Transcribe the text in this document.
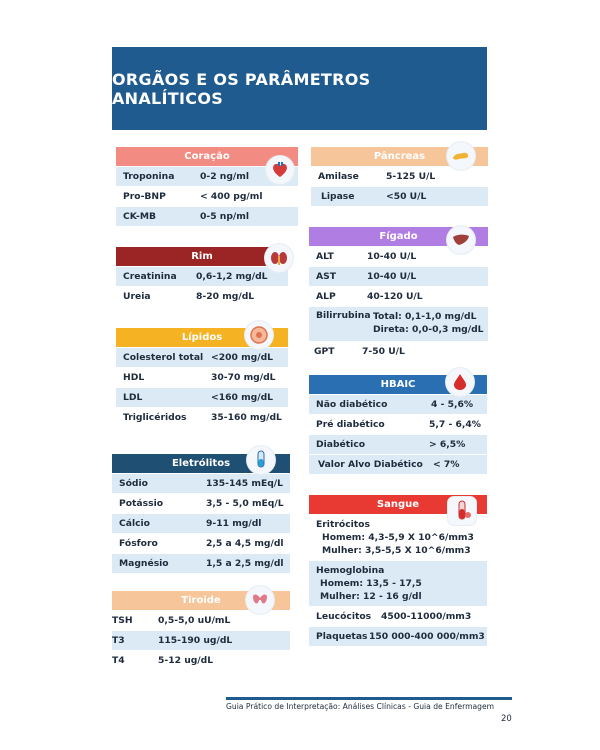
ORGÃOS E OS PARÂMETROS ANALÍTICOS
Coração
Troponina	0-2 ng/ml
Pro-BNP	< 400 pg/ml
CK-MB	0-5 np/ml
Rim
Creatinina	0,6-1,2 mg/dL
Ureia	8-20 mg/dL
Lípidos
Colesterol total <200 mg/dL
HDL	30-70 mg/dL
LDL	<160 mg/dL
Triglicéridos	35-160 mg/dL
Eletrólitos
Sódio	135-145 mEq/L
Potássio	3,5 - 5,0 mEq/L
Cálcio	9-11 mg/dl
Fósforo	2,5 a 4,5 mg/dl
Magnésio	1,5 a 2,5 mg/dl
Tiroide
TSH	0,5-5,0 uU/mL
T3	115-190 ug/dL
T4	5-12 ug/dL
Pâncreas
Amilase	5-125 U/L
Lipase	<50 U/L
Fígado
ALT	10-40 U/L
AST	10-40 U/L
ALP	40-120 U/L
Bilirrubina Total: 0,1-1,0 mg/dL
Direta: 0,0-0,3 mg/dL
GPT	7-50 U/L
HBAIC
Não diabético	4 - 5,6%
Pré diabético	5,7 - 6,4%
Diabético	> 6,5%
Valor Alvo Diabético	< 7%
Sangue
Eritrócitos
Homem: 4,3-5,9 X 10^6/mm3
Mulher: 3,5-5,5 X 10^6/mm3
Hemoglobina
Homem: 13,5 - 17,5
Mulher: 12 - 16 g/dl
Leucócitos	4500-11000/mm3
Plaquetas 150 000-400 000/mm3
Guia Prático de Interpretação: Análises Clínicas - Guia de Enfermagem
20
